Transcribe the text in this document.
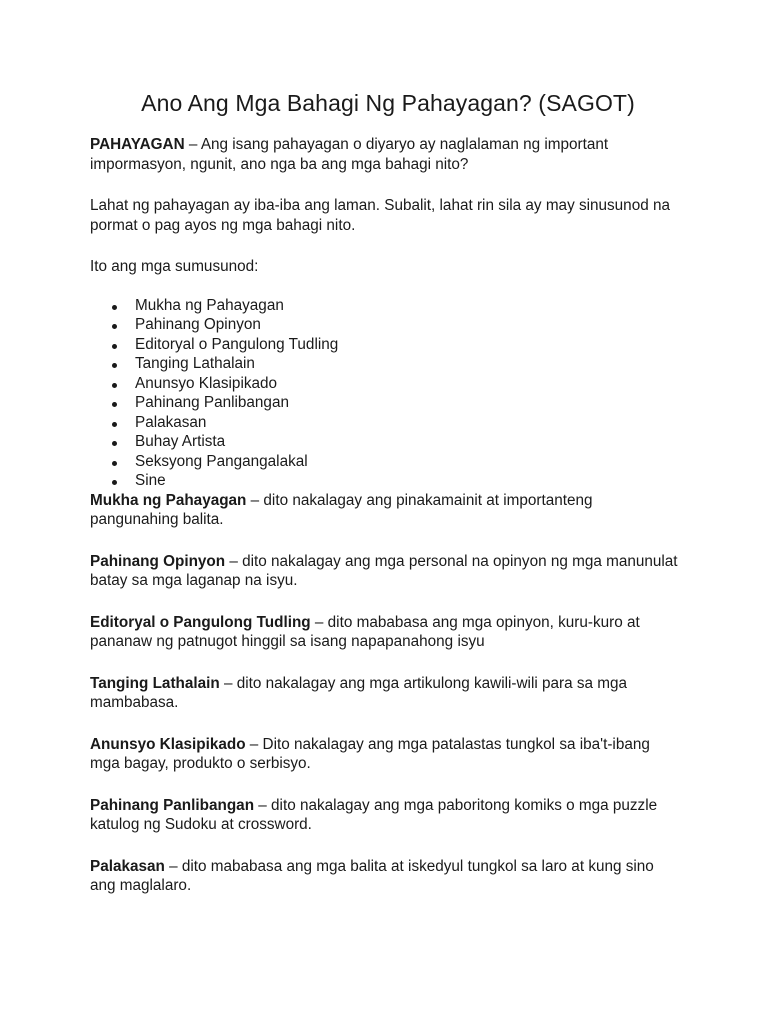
Ano Ang Mga Bahagi Ng Pahayagan? (SAGOT)

PAHAYAGAN – Ang isang pahayagan o diyaryo ay naglalaman ng important impormasyon, ngunit, ano nga ba ang mga bahagi nito?

Lahat ng pahayagan ay iba-iba ang laman. Subalit, lahat rin sila ay may sinusunod na pormat o pag ayos ng mga bahagi nito.

Ito ang mga sumusunod:

Mukha ng Pahayagan
Pahinang Opinyon
Editoryal o Pangulong Tudling
Tanging Lathalain
Anunsyo Klasipikado
Pahinang Panlibangan
Palakasan
Buhay Artista
Seksyong Pangangalakal
Sine

Mukha ng Pahayagan – dito nakalagay ang pinakamainit at importanteng pangunahing balita.

Pahinang Opinyon – dito nakalagay ang mga personal na opinyon ng mga manunulat batay sa mga laganap na isyu.

Editoryal o Pangulong Tudling – dito mababasa ang mga opinyon, kuru-kuro at pananaw ng patnugot hinggil sa isang napapanahong isyu

Tanging Lathalain – dito nakalagay ang mga artikulong kawili-wili para sa mga mambabasa.

Anunsyo Klasipikado – Dito nakalagay ang mga patalastas tungkol sa iba't-ibang mga bagay, produkto o serbisyo.

Pahinang Panlibangan – dito nakalagay ang mga paboritong komiks o mga puzzle katulog ng Sudoku at crossword.

Palakasan – dito mababasa ang mga balita at iskedyul tungkol sa laro at kung sino ang maglalaro.
